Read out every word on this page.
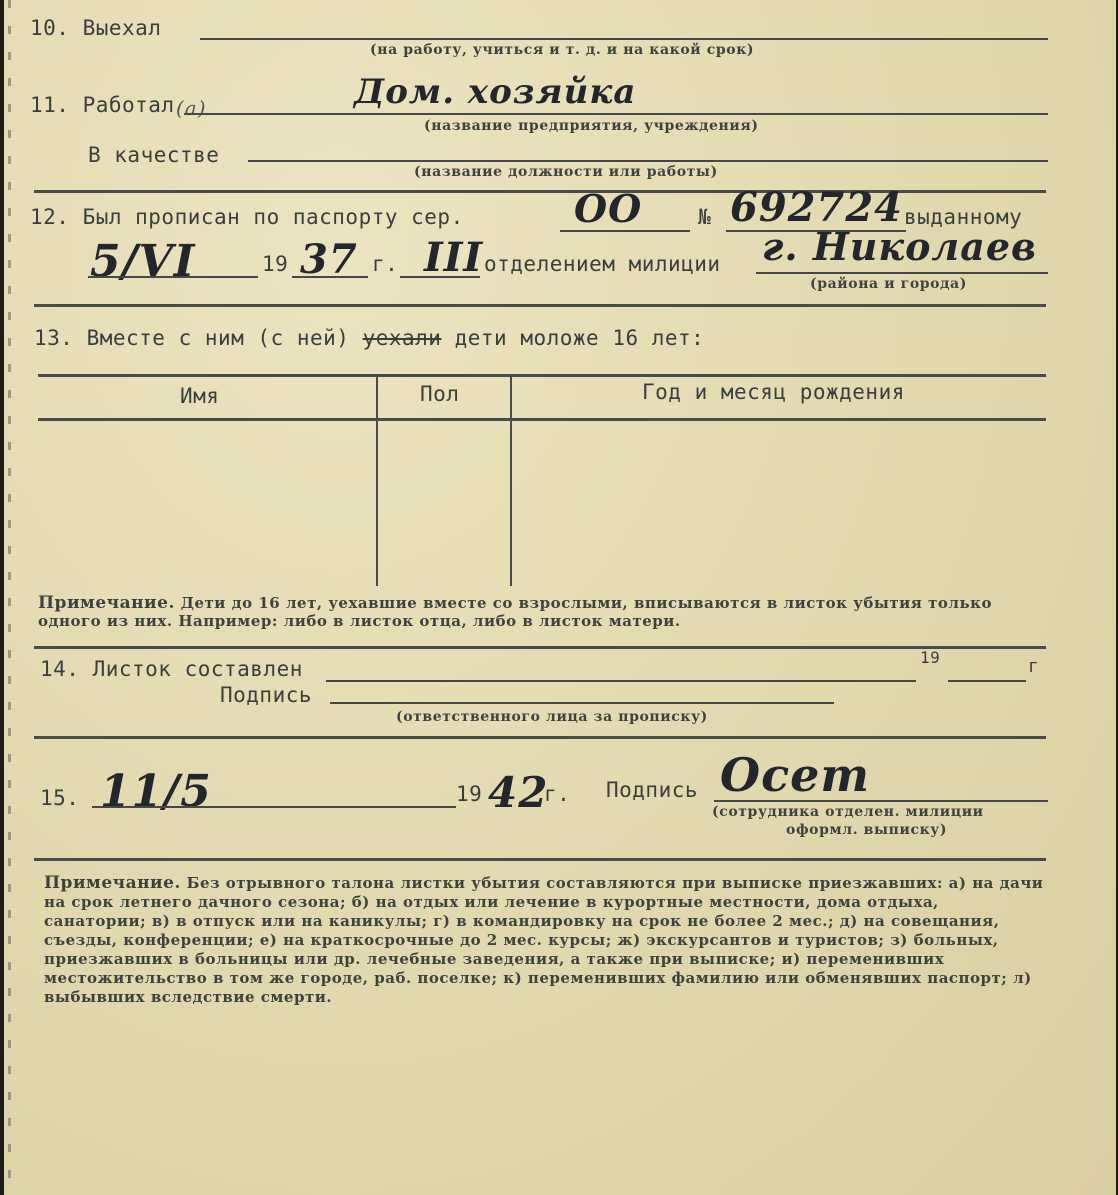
10. Выехал
(на работу, учиться и т. д. и на какой срок)
11. Работал (а)	Дом. хозяйка
(название предприятия, учреждения)
В качестве
(название должности или работы)
12. Был прописан по паспорту сер.	ОО	№ 692724 выданному
5/VI	19 37 г. III отделением милиции г. Николаев
(района и города)
13. Вместе с ним (с ней) уехали дети моложе 16 лет:
Имя	Пол	Год и месяц рождения
Примечание. Дети до 16 лет, уехавшие вместе со взрослыми, вписываются в листок убытия только одного из них. Например: либо в листок отца, либо в листок матери.
14. Листок составлен	19	г
Подпись
(ответственного лица за прописку)
15. 11/5	19 42
г. Подпись Осет
(сотрудника отделен. милиции
оформл. выписку)
Примечание. Без отрывного талона листки убытия составляются при выписке приезжавших: а) на дачи на срок летнего дачного сезона; б) на отдых или лечение в курортные местности, дома отдыха, санатории; в) в отпуск или на каникулы; г) в командировку на срок не более 2 мес.; д) на совещания, съезды, конференции; е) на краткосрочные до 2 мес. курсы; ж) экскурсантов и туристов; з) больных, приезжавших в больницы или др. лечебные заведения, а также при выписке; и) переменивших местожительство в том же городе, раб. поселке; к) переменивших фамилию или обменявших паспорт; л) выбывших вследствие смерти.
